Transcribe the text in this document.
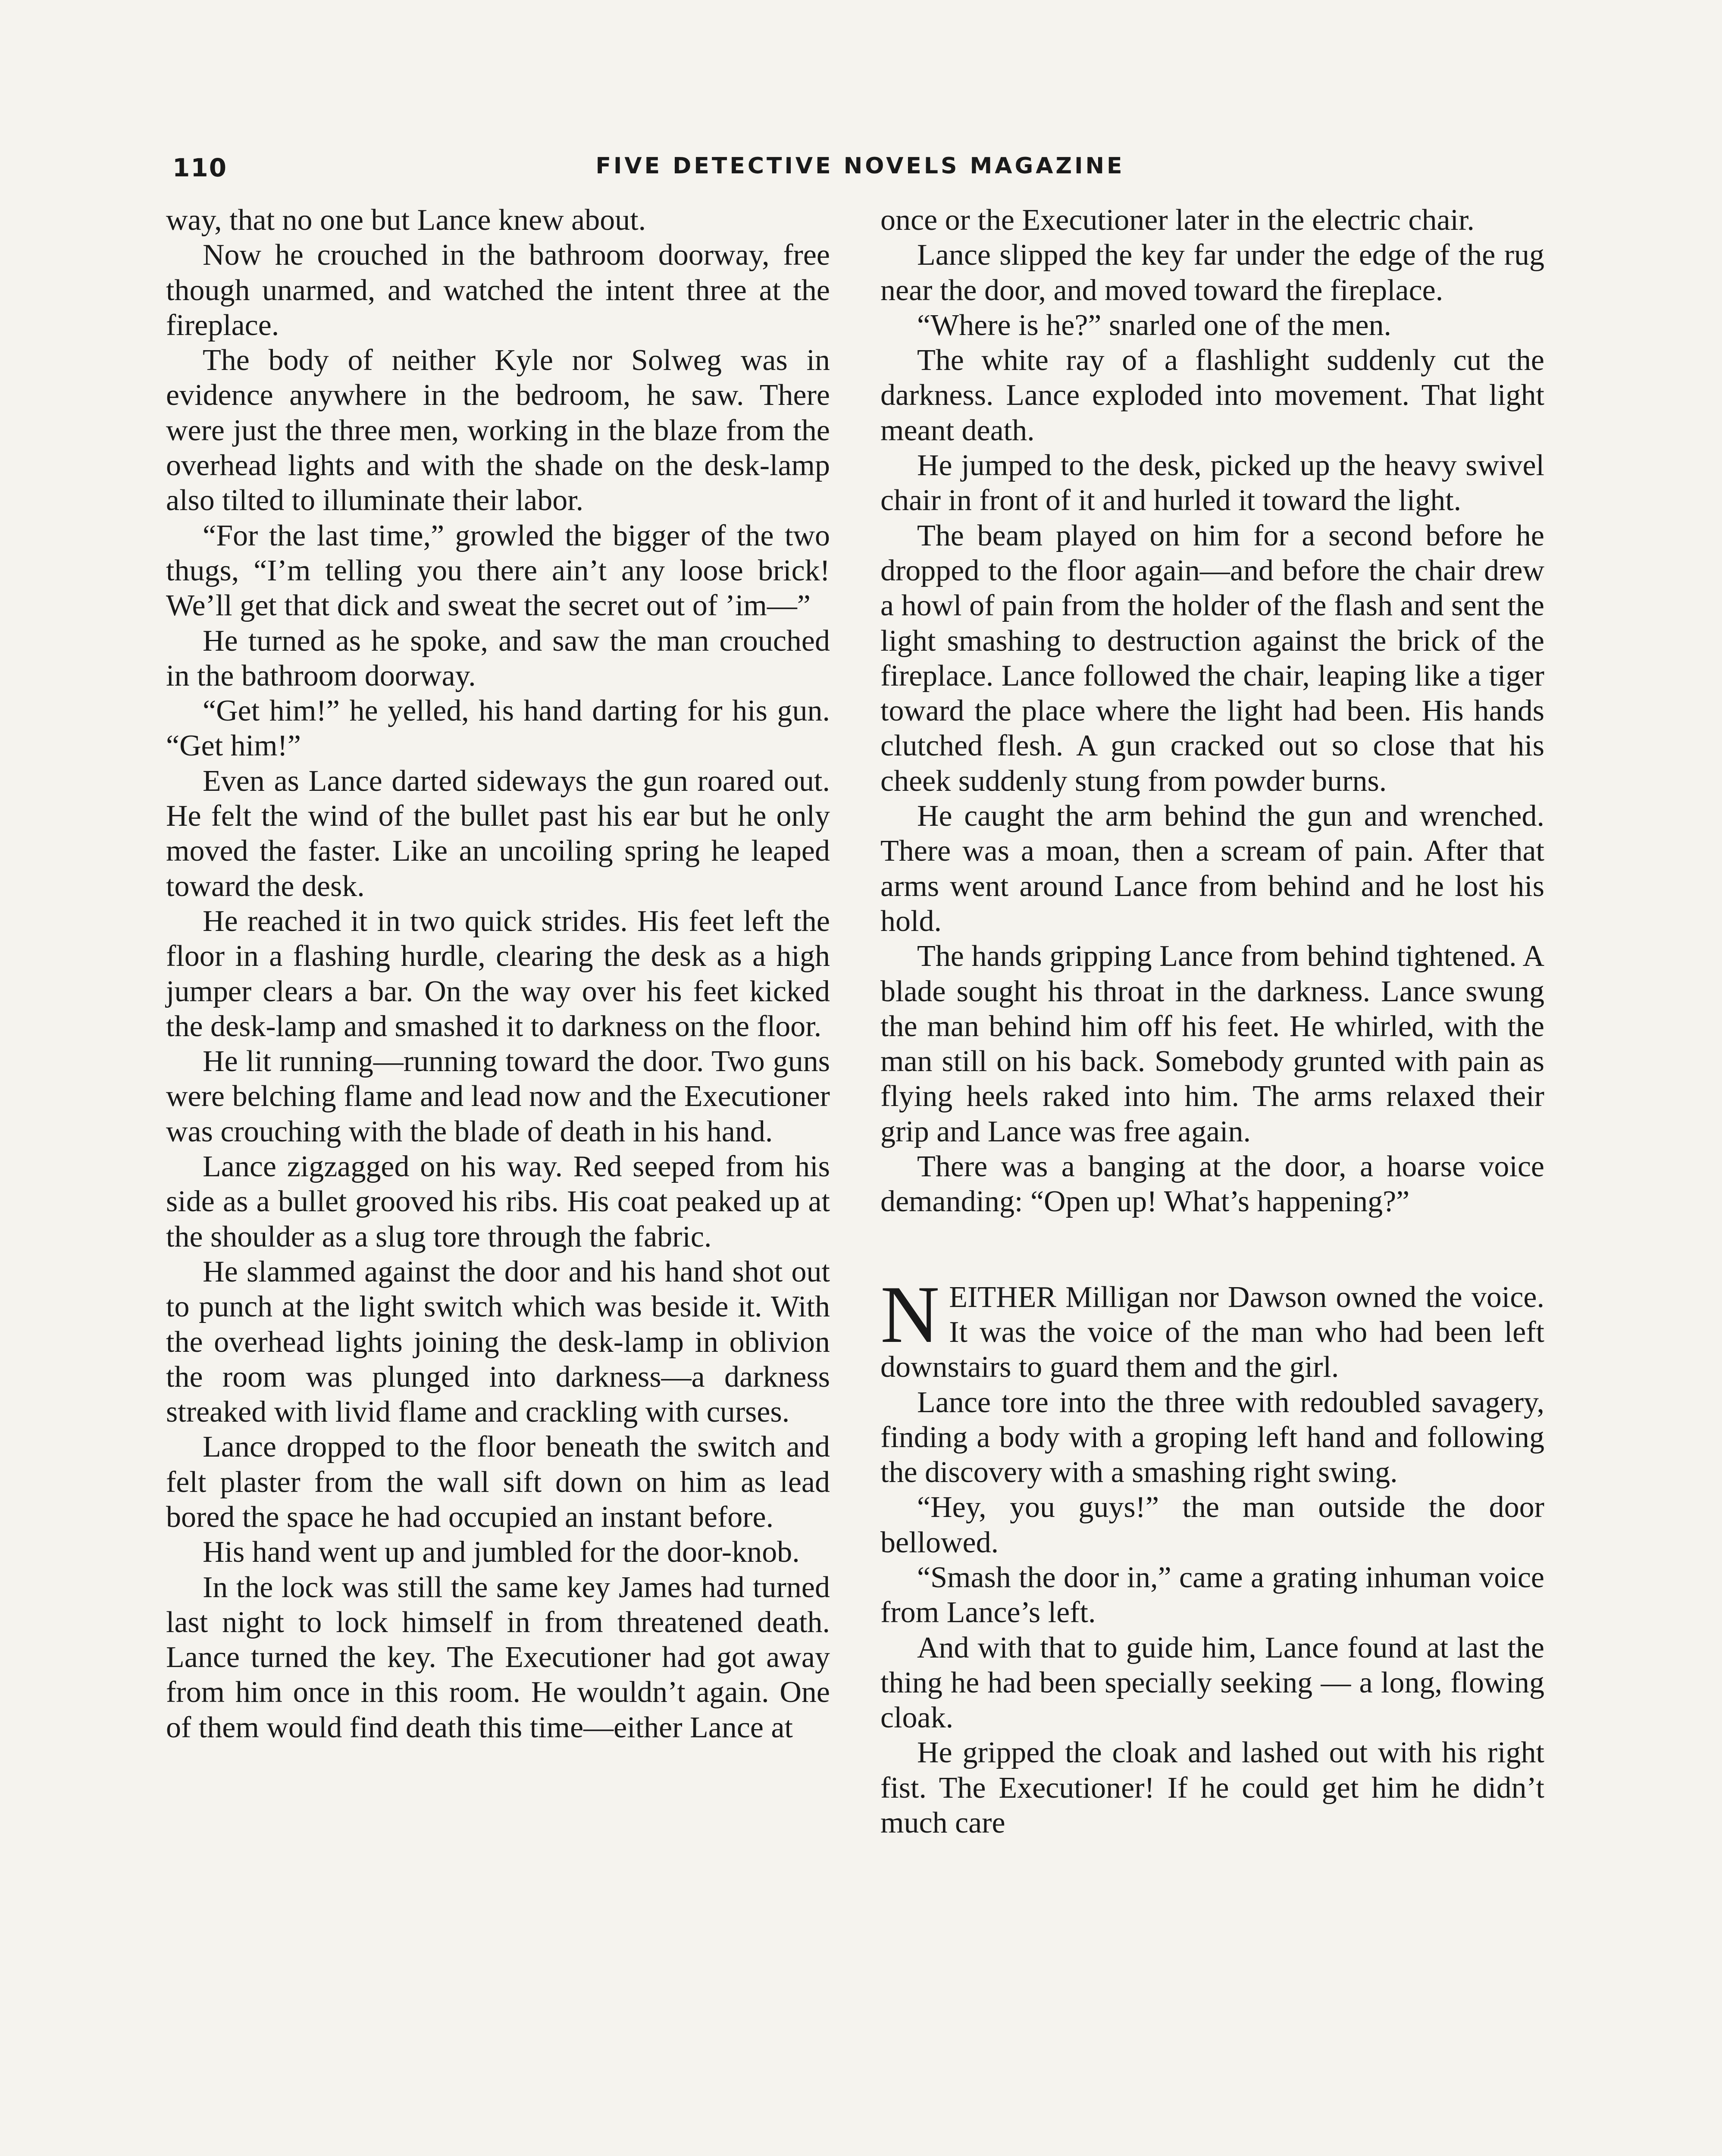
110	FIVE DETECTIVE NOVELS MAGAZINE

way, that no one but Lance knew about.

Now he crouched in the bathroom doorway, free though unarmed, and watched the intent three at the fireplace.

The body of neither Kyle nor Solweg was in evidence anywhere in the bedroom, he saw. There were just the three men, working in the blaze from the overhead lights and with the shade on the desk-lamp also tilted to illuminate their labor.

“For the last time,” growled the bigger of the two thugs, “I’m telling you there ain’t any loose brick! We’ll get that dick and sweat the secret out of ’im—”

He turned as he spoke, and saw the man crouched in the bathroom doorway.

“Get him!” he yelled, his hand darting for his gun. “Get him!”

Even as Lance darted sideways the gun roared out. He felt the wind of the bullet past his ear but he only moved the faster. Like an uncoiling spring he leaped toward the desk.

He reached it in two quick strides. His feet left the floor in a flashing hurdle, clearing the desk as a high jumper clears a bar. On the way over his feet kicked the desk-lamp and smashed it to darkness on the floor.

He lit running—running toward the door. Two guns were belching flame and lead now and the Executioner was crouching with the blade of death in his hand.

Lance zigzagged on his way. Red seeped from his side as a bullet grooved his ribs. His coat peaked up at the shoulder as a slug tore through the fabric.

He slammed against the door and his hand shot out to punch at the light switch which was beside it. With the overhead lights joining the desk-lamp in oblivion the room was plunged into darkness—a darkness streaked with livid flame and crackling with curses.

Lance dropped to the floor beneath the switch and felt plaster from the wall sift down on him as lead bored the space he had occupied an instant before.

His hand went up and jumbled for the door-knob.

In the lock was still the same key James had turned last night to lock himself in from threatened death. Lance turned the key. The Executioner had got away from him once in this room. He wouldn’t again. One of them would find death this time—either Lance at

once or the Executioner later in the electric chair.

Lance slipped the key far under the edge of the rug near the door, and moved toward the fireplace.

“Where is he?” snarled one of the men.

The white ray of a flashlight suddenly cut the darkness. Lance exploded into movement. That light meant death.

He jumped to the desk, picked up the heavy swivel chair in front of it and hurled it toward the light.

The beam played on him for a second before he dropped to the floor again—and before the chair drew a howl of pain from the holder of the flash and sent the light smashing to destruction against the brick of the fireplace. Lance followed the chair, leaping like a tiger toward the place where the light had been. His hands clutched flesh. A gun cracked out so close that his cheek suddenly stung from powder burns.

He caught the arm behind the gun and wrenched. There was a moan, then a scream of pain. After that arms went around Lance from behind and he lost his hold.

The hands gripping Lance from behind tightened. A blade sought his throat in the darkness. Lance swung the man behind him off his feet. He whirled, with the man still on his back. Somebody grunted with pain as flying heels raked into him. The arms relaxed their grip and Lance was free again.

There was a banging at the door, a hoarse voice demanding: “Open up! What’s happening?”

NEITHER Milligan nor Dawson owned the voice. It was the voice of the man who had been left downstairs to guard them and the girl.

Lance tore into the three with redoubled savagery, finding a body with a groping left hand and following the discovery with a smashing right swing.

“Hey, you guys!” the man outside the door bellowed.

“Smash the door in,” came a grating inhuman voice from Lance’s left.

And with that to guide him, Lance found at last the thing he had been specially seeking — a long, flowing cloak.

He gripped the cloak and lashed out with his right fist. The Executioner! If he could get him he didn’t much care
